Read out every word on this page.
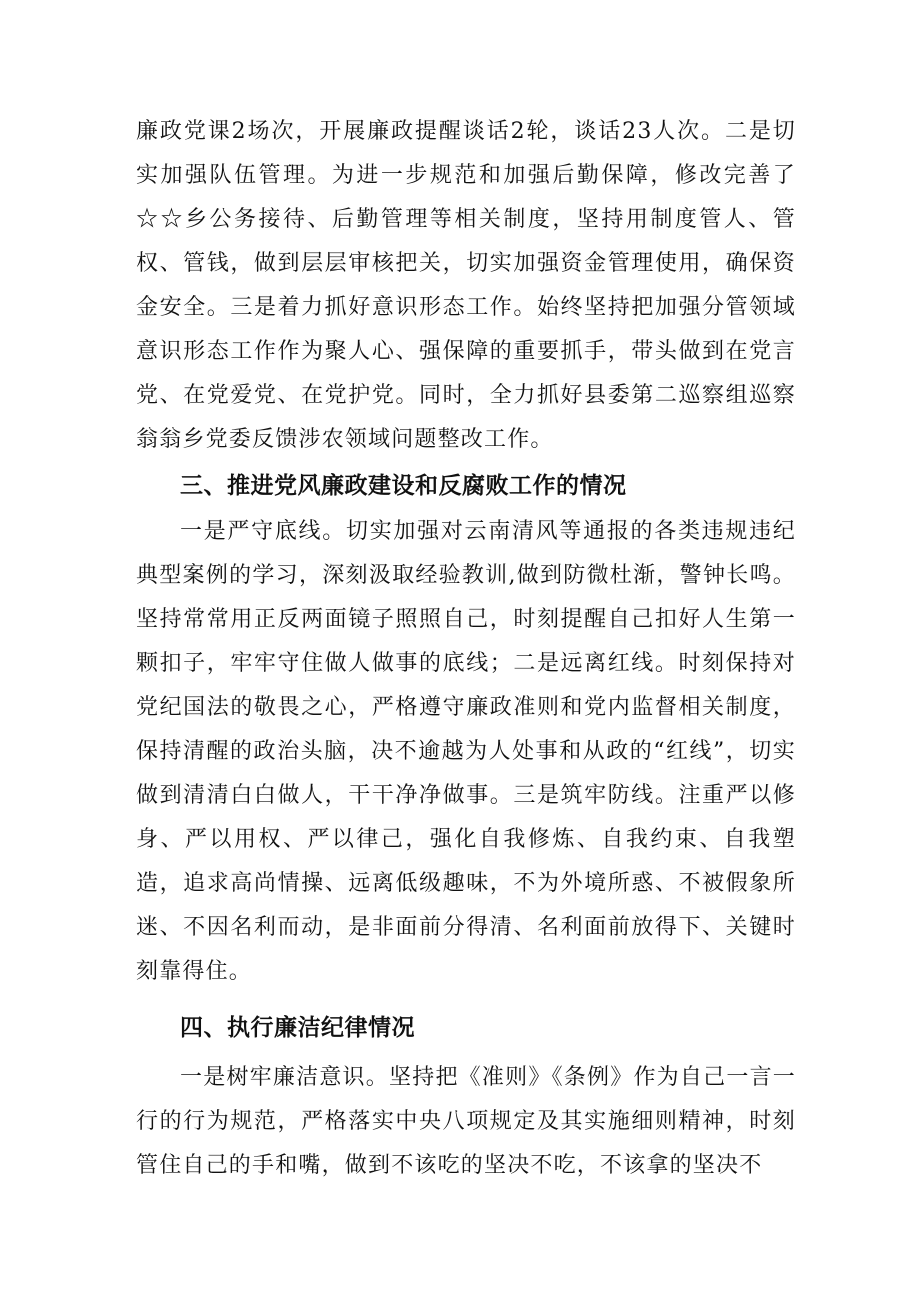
廉政党课2场次，开展廉政提醒谈话2轮，谈话23人次。二是切实加强队伍管理。为进一步规范和加强后勤保障，修改完善了☆☆乡公务接待、后勤管理等相关制度，坚持用制度管人、管权、管钱，做到层层审核把关，切实加强资金管理使用，确保资金安全。三是着力抓好意识形态工作。始终坚持把加强分管领域意识形态工作作为聚人心、强保障的重要抓手，带头做到在党言党、在党爱党、在党护党。同时，全力抓好县委第二巡察组巡察翁翁乡党委反馈涉农领域问题整改工作。

三、推进党风廉政建设和反腐败工作的情况

一是严守底线。切实加强对云南清风等通报的各类违规违纪典型案例的学习，深刻汲取经验教训,做到防微杜渐，警钟长鸣。坚持常常用正反两面镜子照照自己，时刻提醒自己扣好人生第一颗扣子，牢牢守住做人做事的底线；二是远离红线。时刻保持对党纪国法的敬畏之心，严格遵守廉政准则和党内监督相关制度，保持清醒的政治头脑，决不逾越为人处事和从政的“红线”，切实做到清清白白做人，干干净净做事。三是筑牢防线。注重严以修身、严以用权、严以律己，强化自我修炼、自我约束、自我塑造，追求高尚情操、远离低级趣味，不为外境所惑、不被假象所迷、不因名利而动，是非面前分得清、名利面前放得下、关键时刻靠得住。

四、执行廉洁纪律情况

一是树牢廉洁意识。坚持把《准则》《条例》作为自己一言一行的行为规范，严格落实中央八项规定及其实施细则精神，时刻管住自己的手和嘴，做到不该吃的坚决不吃，不该拿的坚决不
